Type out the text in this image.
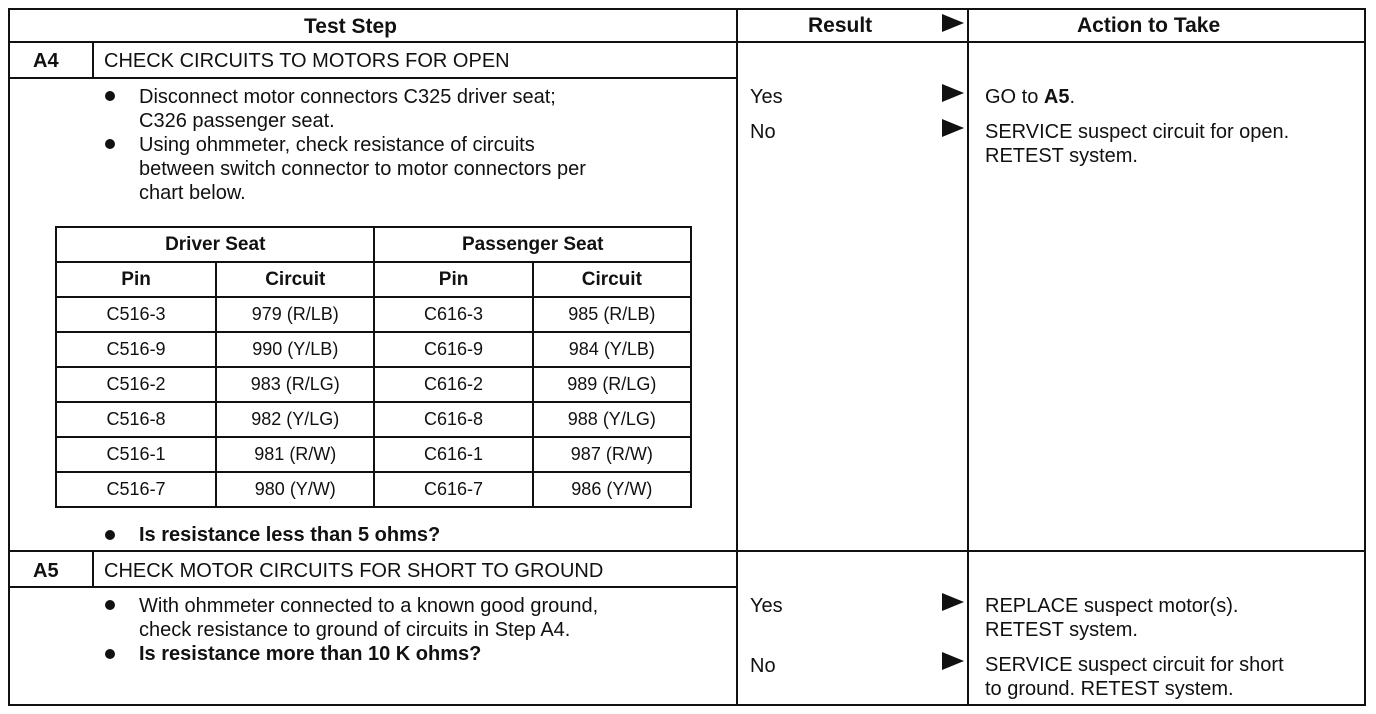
Test Step	Result	Action to Take
A4 CHECK CIRCUITS TO MOTORS FOR OPEN
Disconnect motor connectors C325 driver seat;
C326 passenger seat.
Using ohmmeter, check resistance of circuits
between switch connector to motor connectors per
chart below.
Driver Seat		Passenger Seat	
Pin	Circuit	Pin	Circuit
C516-3	979 (R/LB)	C616-3	985 (R/LB)
C516-9	990 (Y/LB)	C616-9	984 (Y/LB)
C516-2	983 (R/LG)	C616-2	989 (R/LG)
C516-8	982 (Y/LG)	C616-8	988 (Y/LG)
C516-1	981 (R/W)	C616-1	987 (R/W)
C516-7	980 (Y/W)	C616-7	986 (Y/W)
Is resistance less than 5 ohms?
Yes	GO to A5.
No	SERVICE suspect circuit for open.
RETEST system.
A5 CHECK MOTOR CIRCUITS FOR SHORT TO GROUND
With ohmmeter connected to a known good ground,
check resistance to ground of circuits in Step A4.
Is resistance more than 10 K ohms?
Yes	REPLACE suspect motor(s).
RETEST system.
No	SERVICE suspect circuit for short
to ground. RETEST system.
